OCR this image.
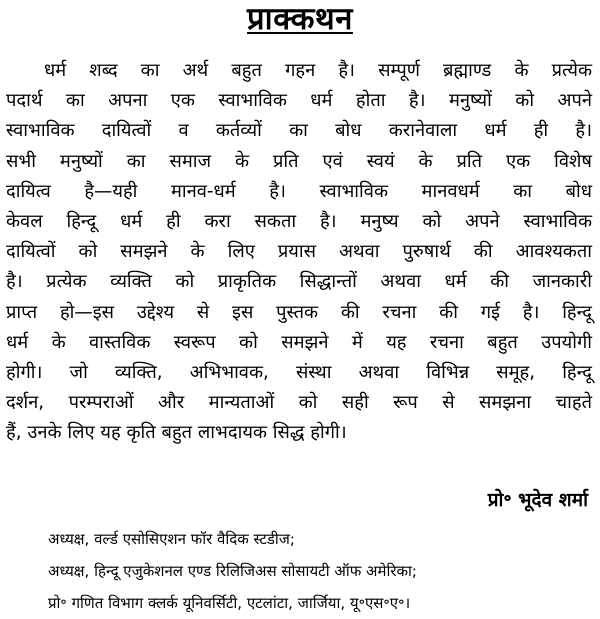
प्राक्कथन
धर्म शब्द का अर्थ बहुत गहन है। सम्पूर्ण ब्रह्माण्ड के प्रत्येक
पदार्थ का अपना एक स्वाभाविक धर्म होता है। मनुष्यों को अपने
स्वाभाविक दायित्वों व कर्तव्यों का बोध करानेवाला धर्म ही है।
सभी मनुष्यों का समाज के प्रति एवं स्वयं के प्रति एक विशेष
दायित्व है—यही मानव-धर्म है। स्वाभाविक मानवधर्म का बोध
केवल हिन्दू धर्म ही करा सकता है। मनुष्य को अपने स्वाभाविक
दायित्वों को समझने के लिए प्रयास अथवा पुरुषार्थ की आवश्यकता
है। प्रत्येक व्यक्ति को प्राकृतिक सिद्धान्तों अथवा धर्म की जानकारी
प्राप्त हो—इस उद्देश्य से इस पुस्तक की रचना की गई है। हिन्दू
धर्म के वास्तविक स्वरूप को समझने में यह रचना बहुत उपयोगी
होगी। जो व्यक्ति, अभिभावक, संस्था अथवा विभिन्न समूह, हिन्दू
दर्शन, परम्पराओं और मान्यताओं को सही रूप से समझना चाहते
हैं, उनके लिए यह कृति बहुत लाभदायक सिद्ध होगी।
प्रो॰ भूदेव शर्मा
अध्यक्ष, वर्ल्ड एसोसिएशन फॉर वैदिक स्टडीज;
अध्यक्ष, हिन्दू एजुकेशनल एण्ड रिलिजिअस सोसायटी ऑफ अमेरिका;
प्रो॰ गणित विभाग क्लर्क यूनिवर्सिटी, एटलांटा, जार्जिया, यू॰एस॰ए॰।
